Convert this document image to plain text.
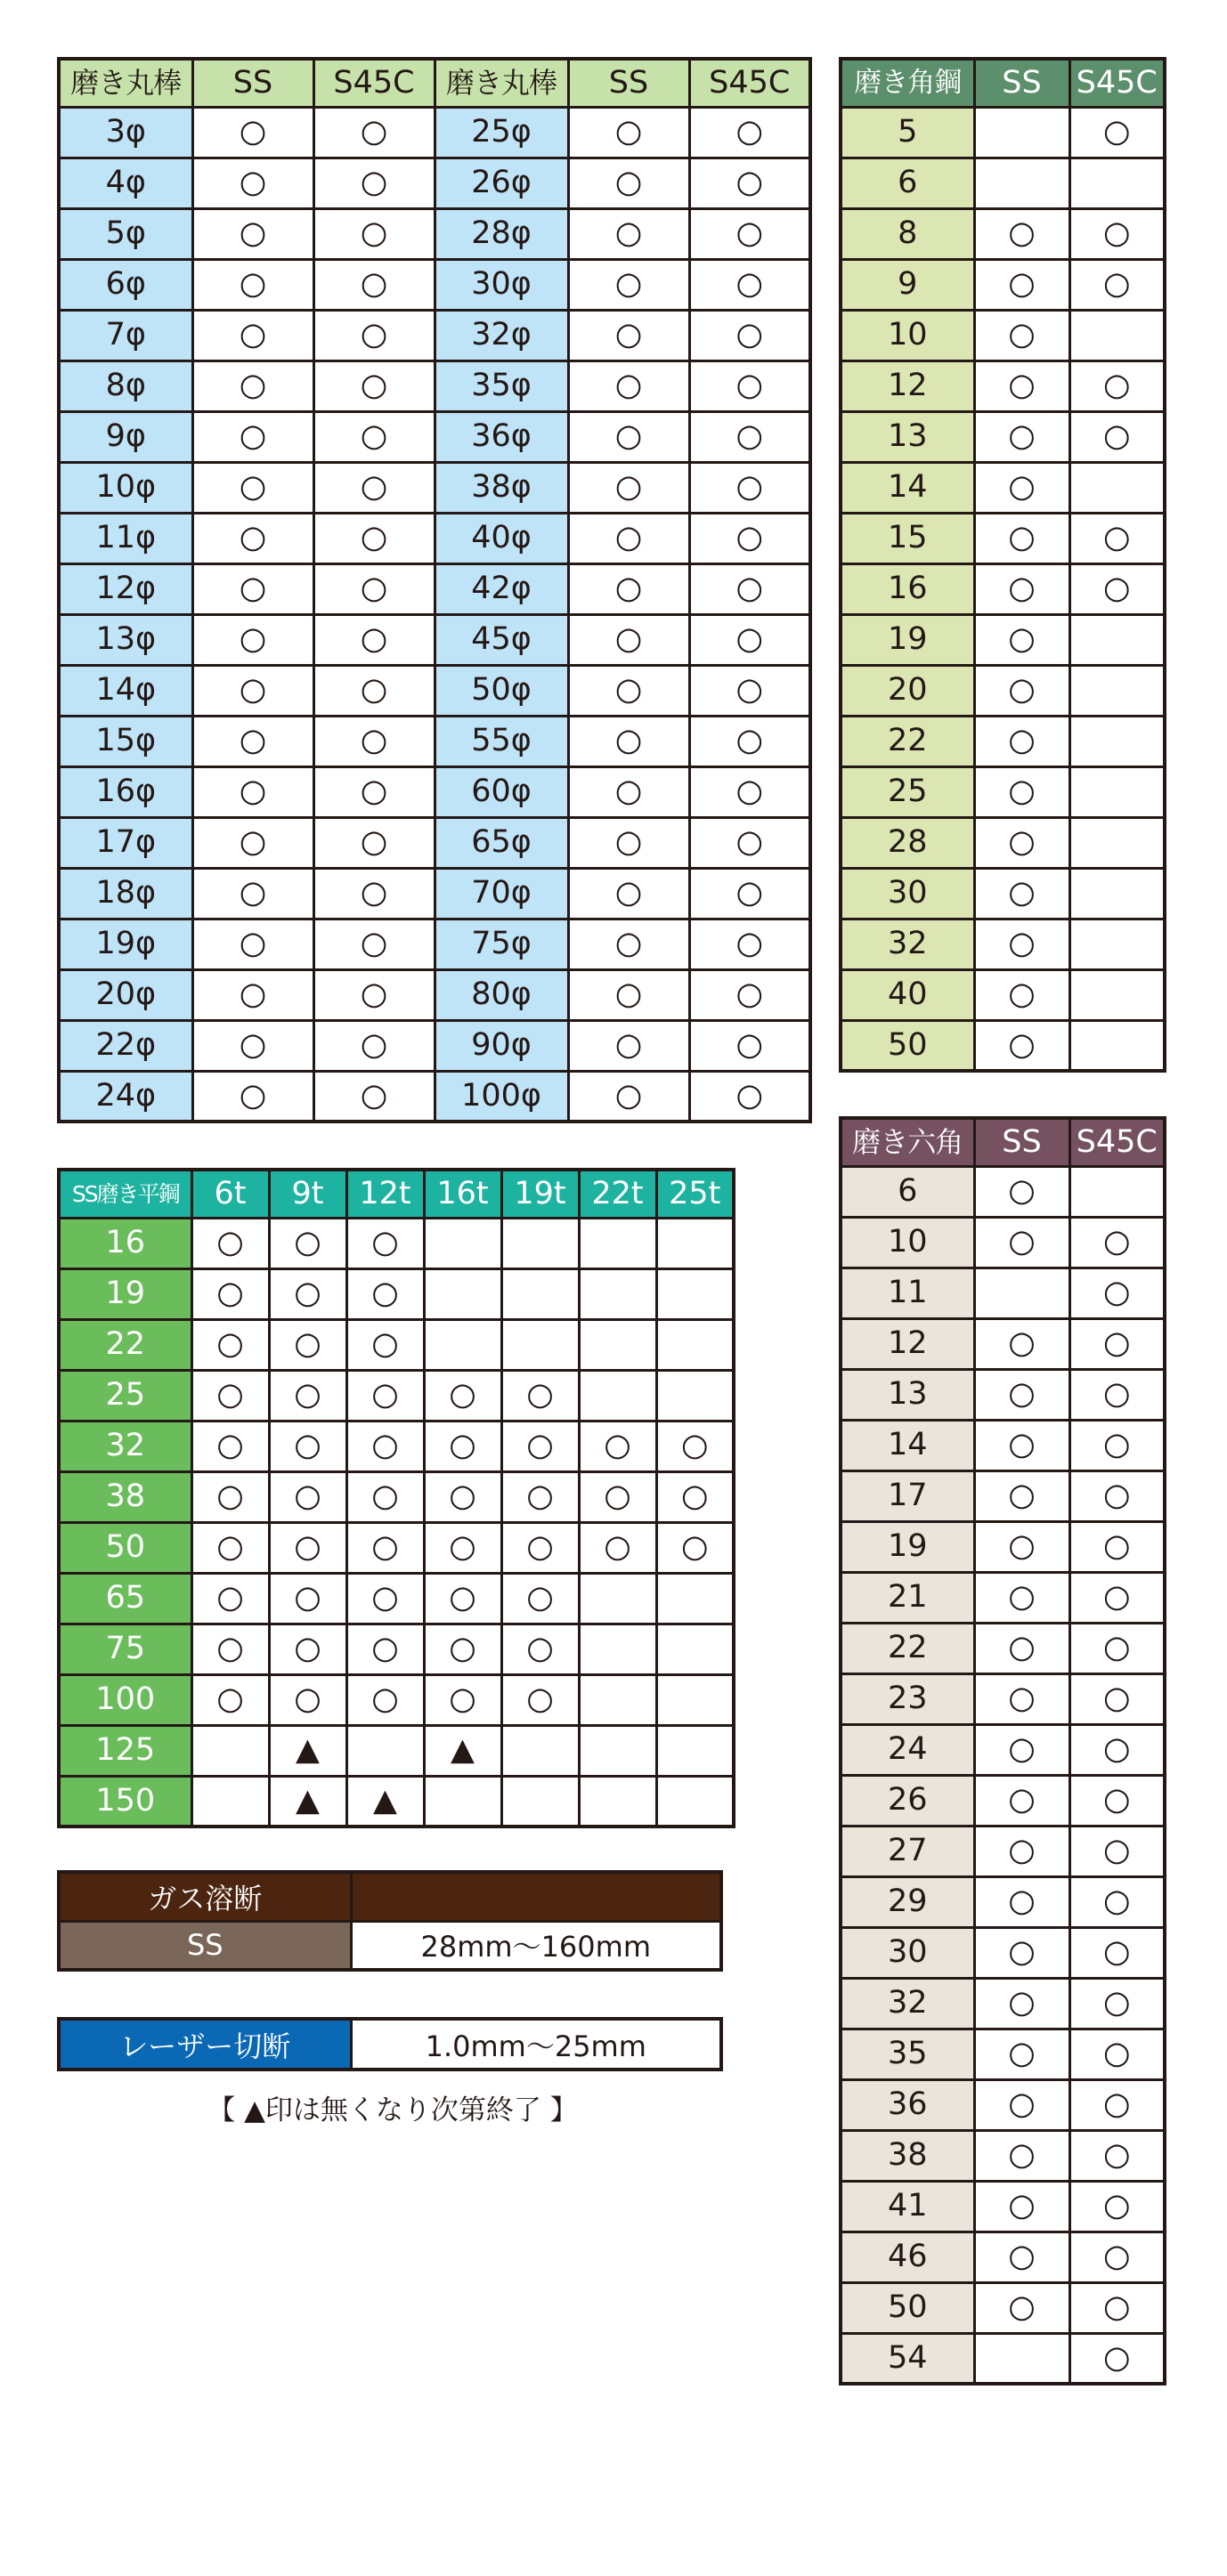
磨き丸棒	SS	S45C	磨き丸棒	SS	S45C
3φ	○	○	25φ	○	○
4φ	○	○	26φ	○	○
5φ	○	○	28φ	○	○
6φ	○	○	30φ	○	○
7φ	○	○	32φ	○	○
8φ	○	○	35φ	○	○
9φ	○	○	36φ	○	○
10φ	○	○	38φ	○	○
11φ	○	○	40φ	○	○
12φ	○	○	42φ	○	○
13φ	○	○	45φ	○	○
14φ	○	○	50φ	○	○
15φ	○	○	55φ	○	○
16φ	○	○	60φ	○	○
17φ	○	○	65φ	○	○
18φ	○	○	70φ	○	○
19φ	○	○	75φ	○	○
20φ	○	○	80φ	○	○
22φ	○	○	90φ	○	○
24φ	○	○	100φ	○	○
磨き角鋼	SS	S45C
5		○
6		
8	○	○
9	○	○
10	○	
12	○	○
13	○	○
14	○	
15	○	○
16	○	○
19	○	
20	○	
22	○	
25	○	
28	○	
30	○	
32	○	
40	○	
50	○	
磨き六角	SS	S45C
6	○	
10	○	○
11		○
12	○	○
13	○	○
14	○	○
17	○	○
19	○	○
21	○	○
22	○	○
23	○	○
24	○	○
26	○	○
27	○	○
29	○	○
30	○	○
32	○	○
35	○	○
36	○	○
38	○	○
41	○	○
46	○	○
50	○	○
54		○
SS磨き平鋼	6t	9t	12t	16t	19t	22t	25t
16	○	○	○				
19	○	○	○				
22	○	○	○				
25	○	○	○	○	○		
32	○	○	○	○	○	○	○
38	○	○	○	○	○	○	○
50	○	○	○	○	○	○	○
65	○	○	○	○	○		
75	○	○	○	○	○		
100	○	○	○	○	○		
125		▲		▲			
150		▲	▲				
ガス溶断	
SS	28mm～160mm
レーザー切断	1.0mm～25mm
【 ▲印は無くなり次第終了 】
